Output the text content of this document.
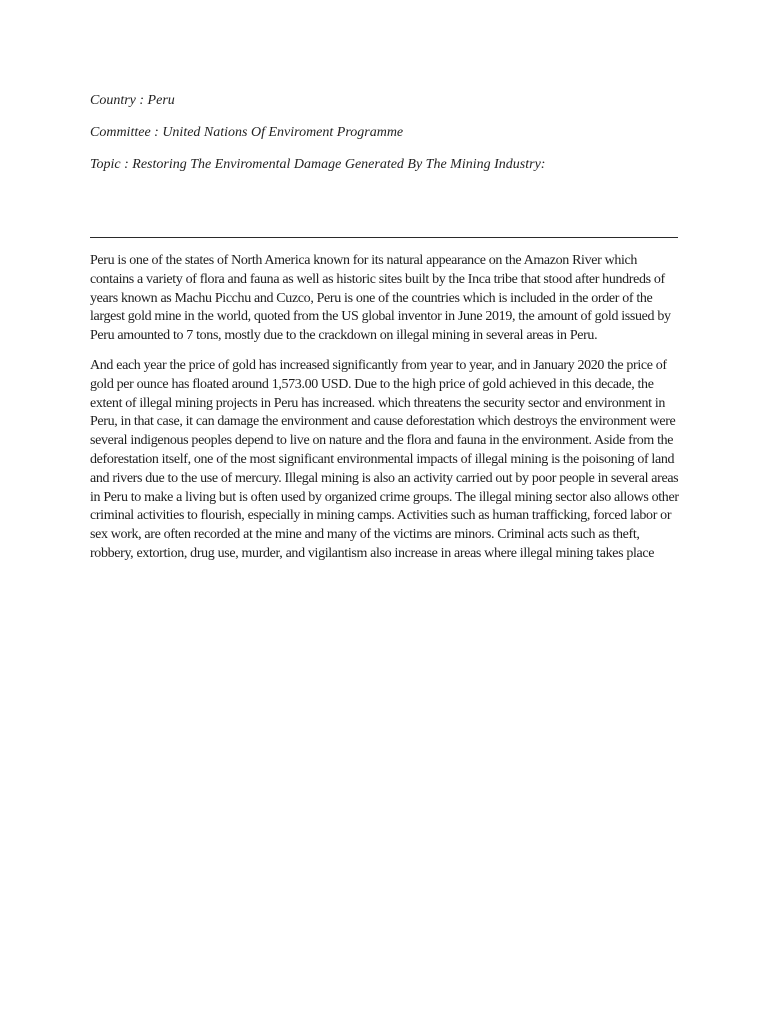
Country : Peru

Committee : United Nations Of Enviroment Programme

Topic : Restoring The Enviromental Damage Generated By The Mining Industry:

Peru is one of the states of North America known for its natural appearance on the Amazon River which contains a variety of flora and fauna as well as historic sites built by the Inca tribe that stood after hundreds of years known as Machu Picchu and Cuzco, Peru is one of the countries which is included in the order of the largest gold mine in the world, quoted from the US global inventor in June 2019, the amount of gold issued by Peru amounted to 7 tons, mostly due to the crackdown on illegal mining in several areas in Peru.

And each year the price of gold has increased significantly from year to year, and in January 2020 the price of gold per ounce has floated around 1,573.00 USD. Due to the high price of gold achieved in this decade, the extent of illegal mining projects in Peru has increased. which threatens the security sector and environment in Peru, in that case, it can damage the environment and cause deforestation which destroys the environment were several indigenous peoples depend to live on nature and the flora and fauna in the environment. Aside from the deforestation itself, one of the most significant environmental impacts of illegal mining is the poisoning of land and rivers due to the use of mercury. Illegal mining is also an activity carried out by poor people in several areas in Peru to make a living but is often used by organized crime groups. The illegal mining sector also allows other criminal activities to flourish, especially in mining camps. Activities such as human trafficking, forced labor or sex work, are often recorded at the mine and many of the victims are minors. Criminal acts such as theft, robbery, extortion, drug use, murder, and vigilantism also increase in areas where illegal mining takes place
